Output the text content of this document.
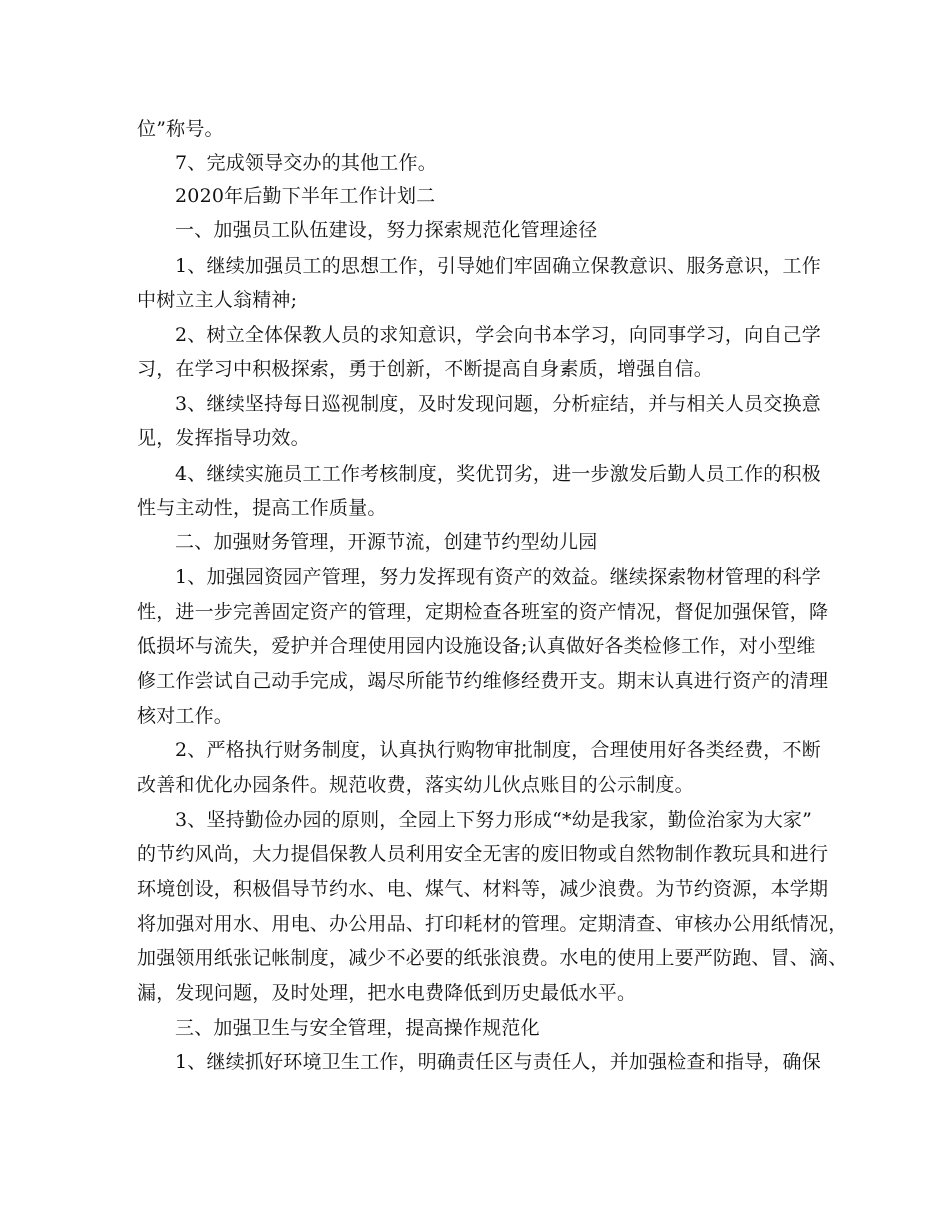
位”称号。
7、完成领导交办的其他工作。
2020年后勤下半年工作计划二
一、加强员工队伍建设，努力探索规范化管理途径
1、继续加强员工的思想工作，引导她们牢固确立保教意识、服务意识，工作
中树立主人翁精神;
2、树立全体保教人员的求知意识，学会向书本学习，向同事学习，向自己学
习，在学习中积极探索，勇于创新，不断提高自身素质，增强自信。
3、继续坚持每日巡视制度，及时发现问题，分析症结，并与相关人员交换意
见，发挥指导功效。
4、继续实施员工工作考核制度，奖优罚劣，进一步激发后勤人员工作的积极
性与主动性，提高工作质量。
二、加强财务管理，开源节流，创建节约型幼儿园
1、加强园资园产管理，努力发挥现有资产的效益。继续探索物材管理的科学
性，进一步完善固定资产的管理，定期检查各班室的资产情况，督促加强保管，降
低损坏与流失，爱护并合理使用园内设施设备;认真做好各类检修工作，对小型维
修工作尝试自己动手完成，竭尽所能节约维修经费开支。期末认真进行资产的清理
核对工作。
2、严格执行财务制度，认真执行购物审批制度，合理使用好各类经费，不断
改善和优化办园条件。规范收费，落实幼儿伙点账目的公示制度。
3、坚持勤俭办园的原则，全园上下努力形成“*幼是我家，勤俭治家为大家”
的节约风尚，大力提倡保教人员利用安全无害的废旧物或自然物制作教玩具和进行
环境创设，积极倡导节约水、电、煤气、材料等，减少浪费。为节约资源，本学期
将加强对用水、用电、办公用品、打印耗材的管理。定期清查、审核办公用纸情况，
加强领用纸张记帐制度，减少不必要的纸张浪费。水电的使用上要严防跑、冒、滴、
漏，发现问题，及时处理，把水电费降低到历史最低水平。
三、加强卫生与安全管理，提高操作规范化
1、继续抓好环境卫生工作，明确责任区与责任人，并加强检查和指导，确保
